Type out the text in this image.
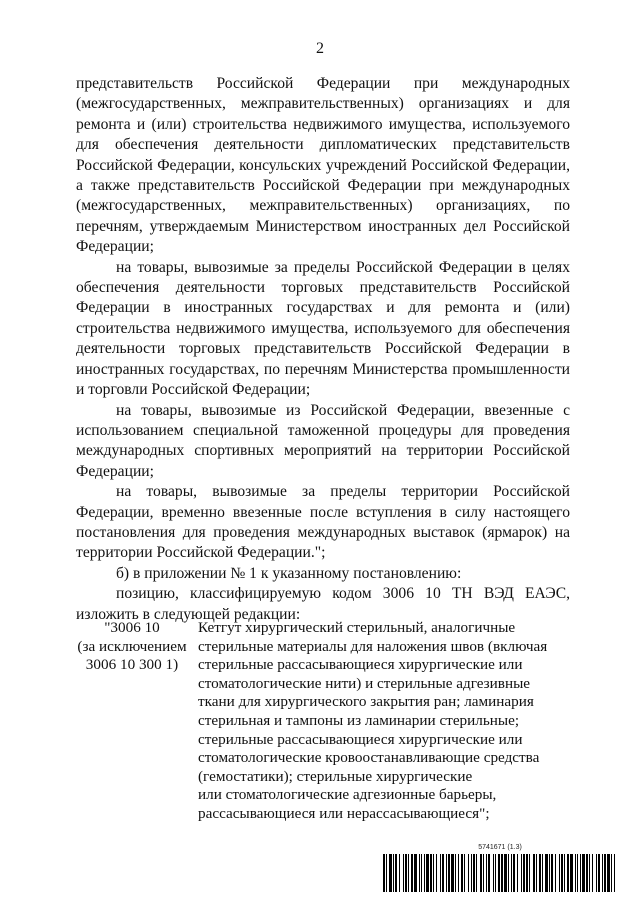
2

представительств Российской Федерации при международных (межгосударственных, межправительственных) организациях и для ремонта и (или) строительства недвижимого имущества, используемого для обеспечения деятельности дипломатических представительств Российской Федерации, консульских учреждений Российской Федерации, а также представительств Российской Федерации при международных (межгосударственных, межправительственных) организациях, по перечням, утверждаемым Министерством иностранных дел Российской Федерации;

на товары, вывозимые за пределы Российской Федерации в целях обеспечения деятельности торговых представительств Российской Федерации в иностранных государствах и для ремонта и (или) строительства недвижимого имущества, используемого для обеспечения деятельности торговых представительств Российской Федерации в иностранных государствах, по перечням Министерства промышленности и торговли Российской Федерации;

на товары, вывозимые из Российской Федерации, ввезенные с использованием специальной таможенной процедуры для проведения международных спортивных мероприятий на территории Российской Федерации;

на товары, вывозимые за пределы территории Российской Федерации, временно ввезенные после вступления в силу настоящего постановления для проведения международных выставок (ярмарок) на территории Российской Федерации.";

б) в приложении № 1 к указанному постановлению:

позицию, классифицируемую кодом 3006 10 ТН ВЭД ЕАЭС, изложить в следующей редакции:

"3006 10
(за исключением
3006 10 300 1)
Кетгут хирургический стерильный, аналогичные
стерильные материалы для наложения швов (включая
стерильные рассасывающиеся хирургические или
стоматологические нити) и стерильные адгезивные
ткани для хирургического закрытия ран; ламинария
стерильная и тампоны из ламинарии стерильные;
стерильные рассасывающиеся хирургические или
стоматологические кровоостанавливающие средства
(гемостатики); стерильные хирургические
или стоматологические адгезионные барьеры,
рассасывающиеся или нерассасывающиеся";
5741671 (1.3)
